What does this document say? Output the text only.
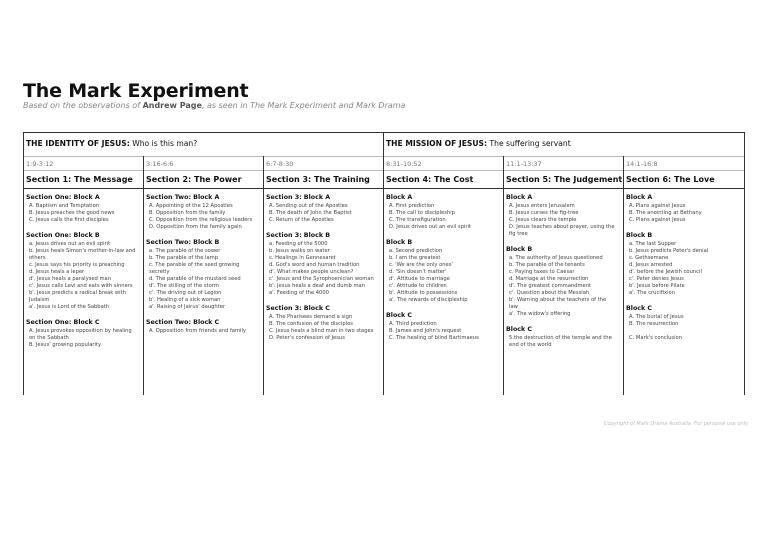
The Mark Experiment
Based on the observations of Andrew Page, as seen in The Mark Experiment and Mark Drama
THE IDENTITY OF JESUS: Who is this man?	THE MISSION OF JESUS: The suffering servant
1:9-3:12
Section 1: The Message
Section One: Block A
A. Baptism and Temptation
B. Jesus preaches the good news
C. Jesus calls the first disciples
Section One: Block B
a. Jesus drives out an evil spirit
b. Jesus heals Simon's mother-in-law and others
c. Jesus says his priority is preaching
d. Jesus heals a leper
d'. Jesus heals a paralysed man
c'. Jesus calls Levi and eats with sinners
b'. Jesus predicts a radical break with Judaism
a'. Jesus is Lord of the Sabbath
Section One: Block C
A. Jesus provokes opposition by healing on the Sabbath
B. Jesus' growing popularity
3:16-6:6
Section 2: The Power
Section Two: Block A
A. Appointing of the 12 Apostles
B. Opposition from the family
C. Opposition from the religious leaders
D. Opposition from the family again
Section Two: Block B
a. The parable of the sower
b. The parable of the lamp
c. The parable of the seed growing secretly
d. The parable of the mustard seed
d'. The stilling of the storm
c'. The driving out of Legion
b'. Healing of a sick woman
a'. Raising of Jairus' daughter
Section Two: Block C
A. Opposition from friends and family
6:7-8:30
Section 3: The Training
Section 3: Block A
A. Sending out of the Apostles
B. The death of John the Baptist
C. Return of the Apostles
Section 3: Block B
a. Feeding of the 5000
b. Jesus walks on water
c. Healings in Gennesaret
d. God's word and human tradition
d'. What makes people unclean?
c'. Jesus and the Syrophoenician woman
b'. Jesus heals a deaf and dumb man
a'. Feeding of the 4000
Section 3: Block C
A. The Pharisees demand a sign
B. The confusion of the disciples
C. Jesus heals a blind man in two stages
D. Peter's confession of Jesus
8:31-10:52
Section 4: The Cost
Block A
A. First prediction
B. The call to discipleship
C. The transfiguration
D. Jesus drives out an evil spirit
Block B
a. Second prediction
b. I am the greatest
c. 'We are the only ones'
d. 'Sin doesn't matter'
d'. Attitude to marriage
c'. Attitude to children
b'. Attitude to possessions
a'. The rewards of discipleship
Block C
A. Third prediction
B. James and John's request
C. The healing of blind Bartimaeus
11:1-13:37
Section 5: The Judgement
Block A
A. Jesus enters Jerusalem
B. Jesus curses the fig-tree
C. Jesus clears the temple
D. Jesus teaches about prayer, using the fig tree
Block B
a. The authority of Jesus questioned
b. The parable of the tenants
c. Paying taxes to Caesar
d. Marriage at the resurrection
d'. The greatest commandment
c'. Question about the Messiah
b'. Warning about the teachers of the law
a'. The widow's offering
Block C
5.the destruction of the temple and the end of the world
14:1-16:8
Section 6: The Love
Block A
A. Plans against Jesus
B. The anointing at Bethany
C. Plans against Jesus
Block B
a. The last Supper
b. Jesus predicts Peter's denial
c. Gethsemane
d. Jesus arrested
d'. before the Jewish council
c'. Peter denies Jesus
b'. Jesus before Pilate
a'. The crucifixion
Block C
A. The burial of Jesus
B. The resurrection

C. Mark's conclusion
Copyright of Mark Drama Australia. For personal use only.
